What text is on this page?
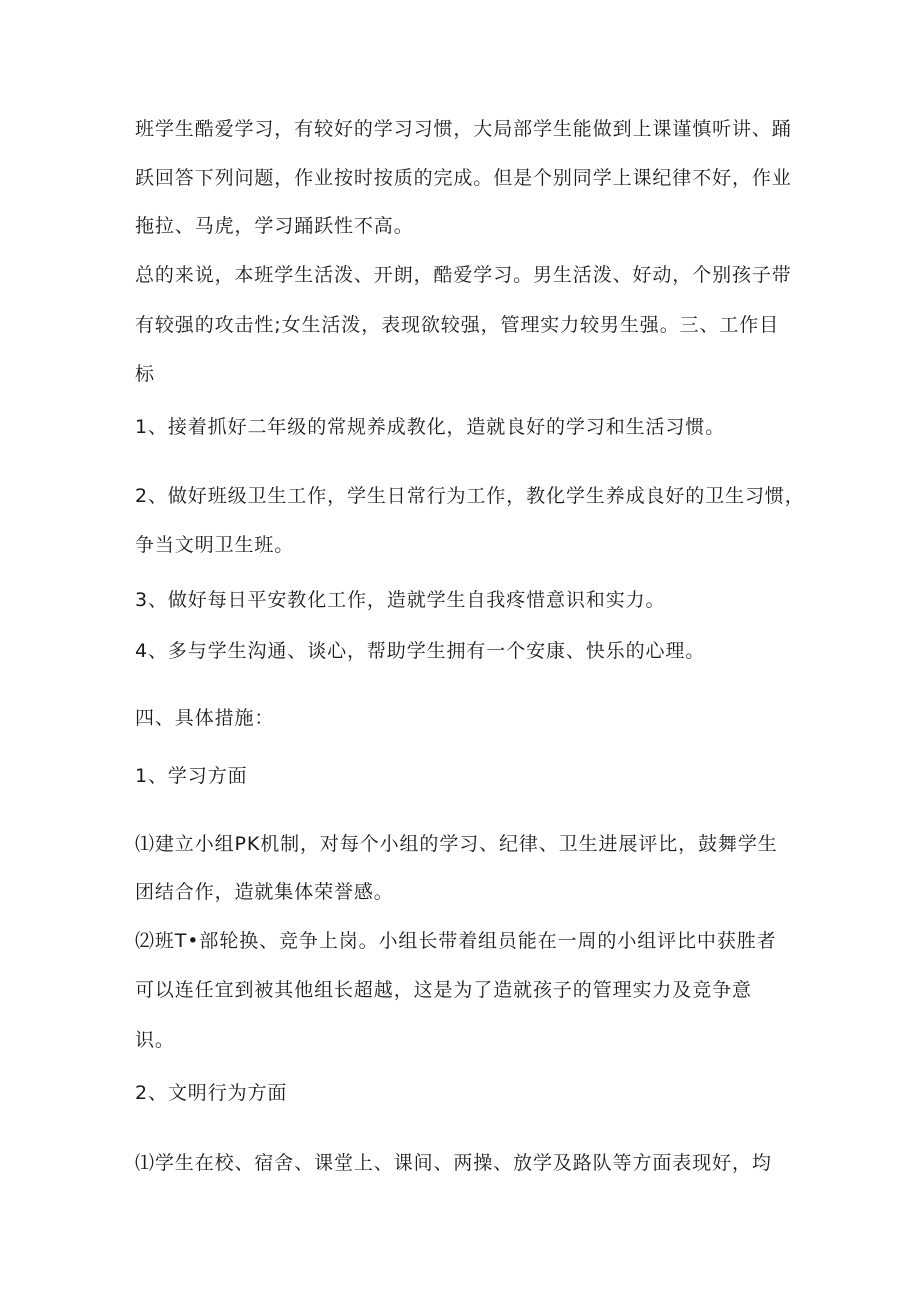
班学生酷爱学习，有较好的学习习惯，大局部学生能做到上课谨慎听讲、踊
跃回答下列问题，作业按时按质的完成。但是个别同学上课纪律不好，作业
拖拉、马虎，学习踊跃性不高。
总的来说，本班学生活泼、开朗，酷爱学习。男生活泼、好动，个别孩子带
有较强的攻击性;女生活泼，表现欲较强，管理实力较男生强。三、工作目
标
1、接着抓好二年级的常规养成教化，造就良好的学习和生活习惯。
2、做好班级卫生工作，学生日常行为工作，教化学生养成良好的卫生习惯，
争当文明卫生班。
3、做好每日平安教化工作，造就学生自我疼惜意识和实力。
4、多与学生沟通、谈心，帮助学生拥有一个安康、快乐的心理。
四、具体措施：
1、学习方面
⑴建立小组PK机制，对每个小组的学习、纪律、卫生进展评比，鼓舞学生
团结合作，造就集体荣誉感。
⑵班T•部轮换、竞争上岗。小组长带着组员能在一周的小组评比中获胜者
可以连任宜到被其他组长超越，这是为了造就孩子的管理实力及竞争意
识。
2、文明行为方面
⑴学生在校、宿舍、课堂上、课间、两操、放学及路队等方面表现好，均
